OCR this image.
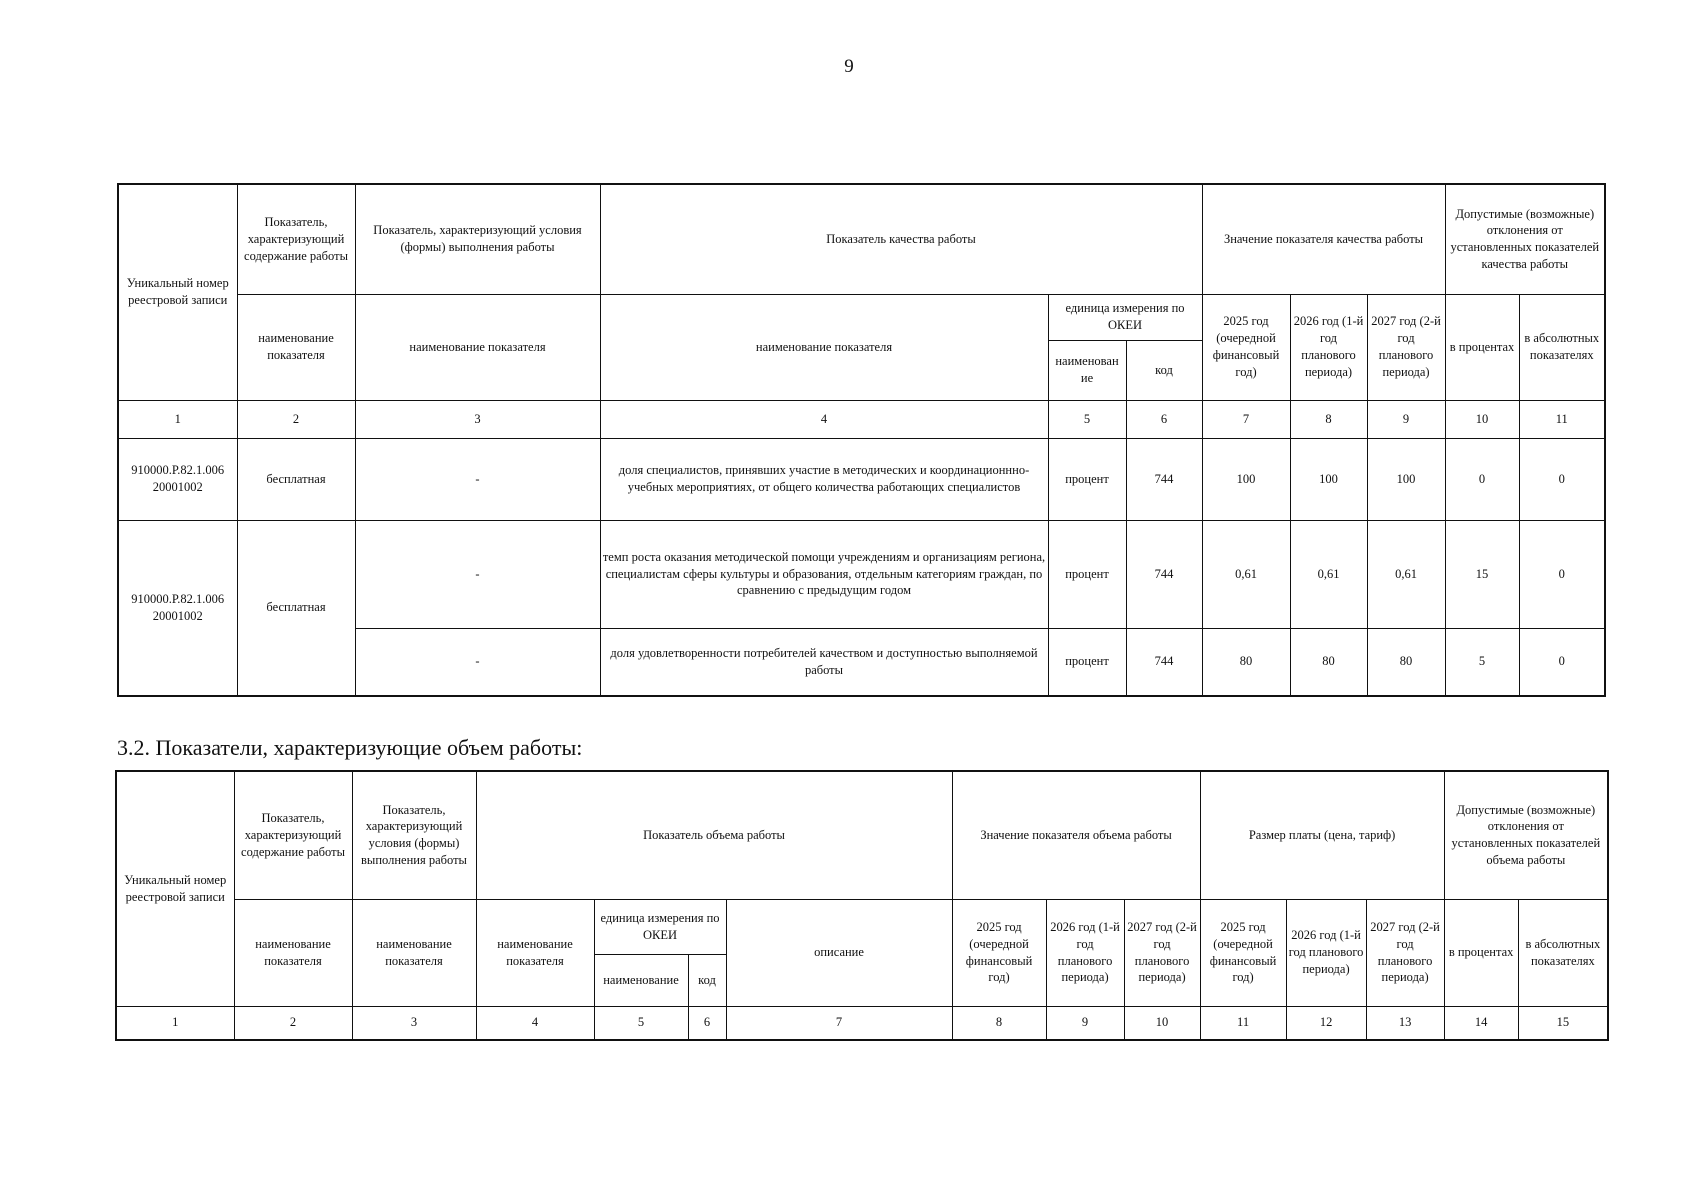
9
Уникальный номер реестровой записи	Показатель, характеризующий содержание работы	Показатель, характеризующий условия (формы) выполнения работы	Показатель качества работы			Значение показателя качества работы			Допустимые (возможные) отклонения от установленных показателей качества работы	
	наименование показателя	наименование показателя	наименование показателя	единица измерения по ОКЕИ		2025 год (очередной финансовый год)	2026 год (1-й год планового периода)	2027 год (2-й год планового периода)	в процентах	в абсолютных показателях
				наименован ие	код					
1	2	3	4	5	6	7	8	9	10	11
910000.Р.82.1.006 20001002	бесплатная	-	доля специалистов, принявших участие в методических и координационнно-учебных мероприятиях, от общего количества работающих специалистов	процент	744	100	100	100	0	0
910000.Р.82.1.006 20001002	бесплатная	-	темп роста оказания методической помощи учреждениям и организациям региона, специалистам сферы культуры и образования, отдельным категориям граждан, по сравнению с предыдущим годом	процент	744	0,61	0,61	0,61	15	0
		-	доля удовлетворенности потребителей качеством и доступностью выполняемой работы	процент	744	80	80	80	5	0
3.2. Показатели, характеризующие объем работы:
Уникальный номер реестровой записи	Показатель, характеризующий содержание работы	Показатель, характеризующий условия (формы) выполнения работы	Показатель объема работы				Значение показателя объема работы			Размер платы (цена, тариф)			Допустимые (возможные) отклонения от установленных показателей объема работы	
	наименование показателя	наименование показателя	наименование показателя	единица измерения по ОКЕИ		описание	2025 год (очередной финансовый год)	2026 год (1-й год планового периода)	2027 год (2-й год планового периода)	2025 год (очередной финансовый год)	2026 год (1-й год планового периода)	2027 год (2-й год планового периода)	в процентах	в абсолютных показателях
				наименование	код									
1	2	3	4	5	6	7	8	9	10	11	12	13	14	15
